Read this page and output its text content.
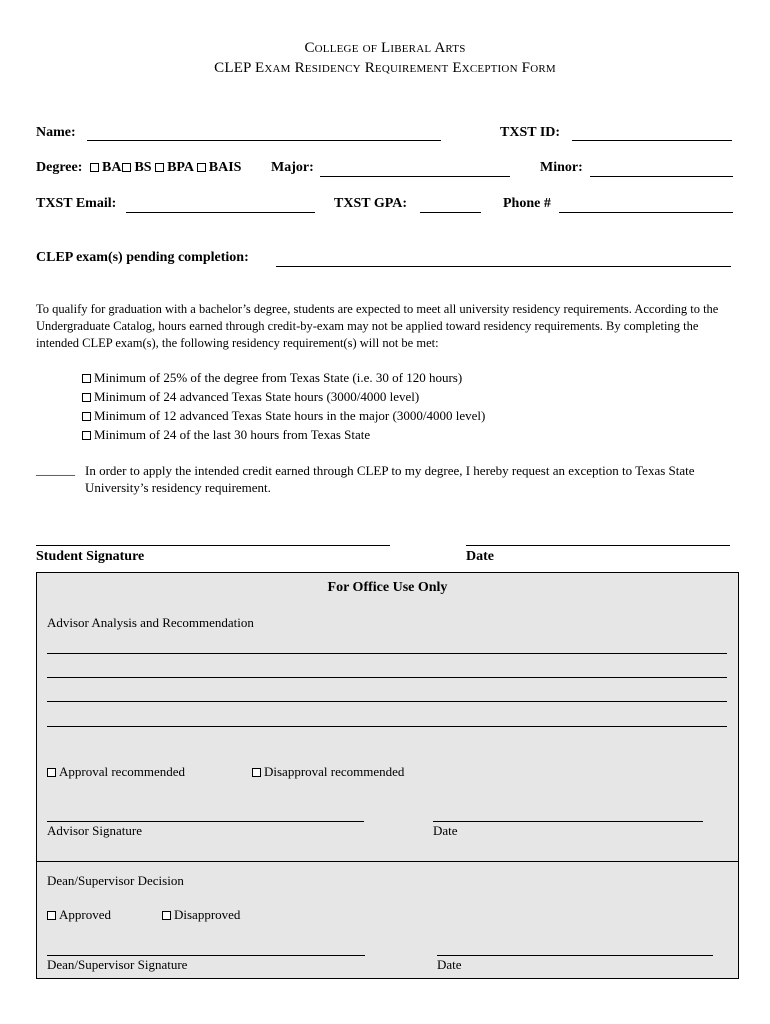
College of Liberal Arts
CLEP Exam Residency Requirement Exception Form
Name:	TXST ID:
Degree:	BA BS BPA BAIS Major:	Minor:
TXST Email:	TXST GPA:	Phone #
CLEP exam(s) pending completion:
To qualify for graduation with a bachelor’s degree, students are expected to meet all university residency requirements. According to the Undergraduate Catalog, hours earned through credit-by-exam may not be applied toward residency requirements. By completing the intended CLEP exam(s), the following residency requirement(s) will not be met:
Minimum of 25% of the degree from Texas State (i.e. 30 of 120 hours)
Minimum of 24 advanced Texas State hours (3000/4000 level)
Minimum of 12 advanced Texas State hours in the major (3000/4000 level)
Minimum of 24 of the last 30 hours from Texas State
______ In order to apply the intended credit earned through CLEP to my degree, I hereby request an exception to Texas State University’s residency requirement.
Student Signature	Date
For Office Use Only
Advisor Analysis and Recommendation
Approval recommended	Disapproval recommended
Advisor Signature	Date
Dean/Supervisor Decision
Approved	Disapproved
Dean/Supervisor Signature	Date
